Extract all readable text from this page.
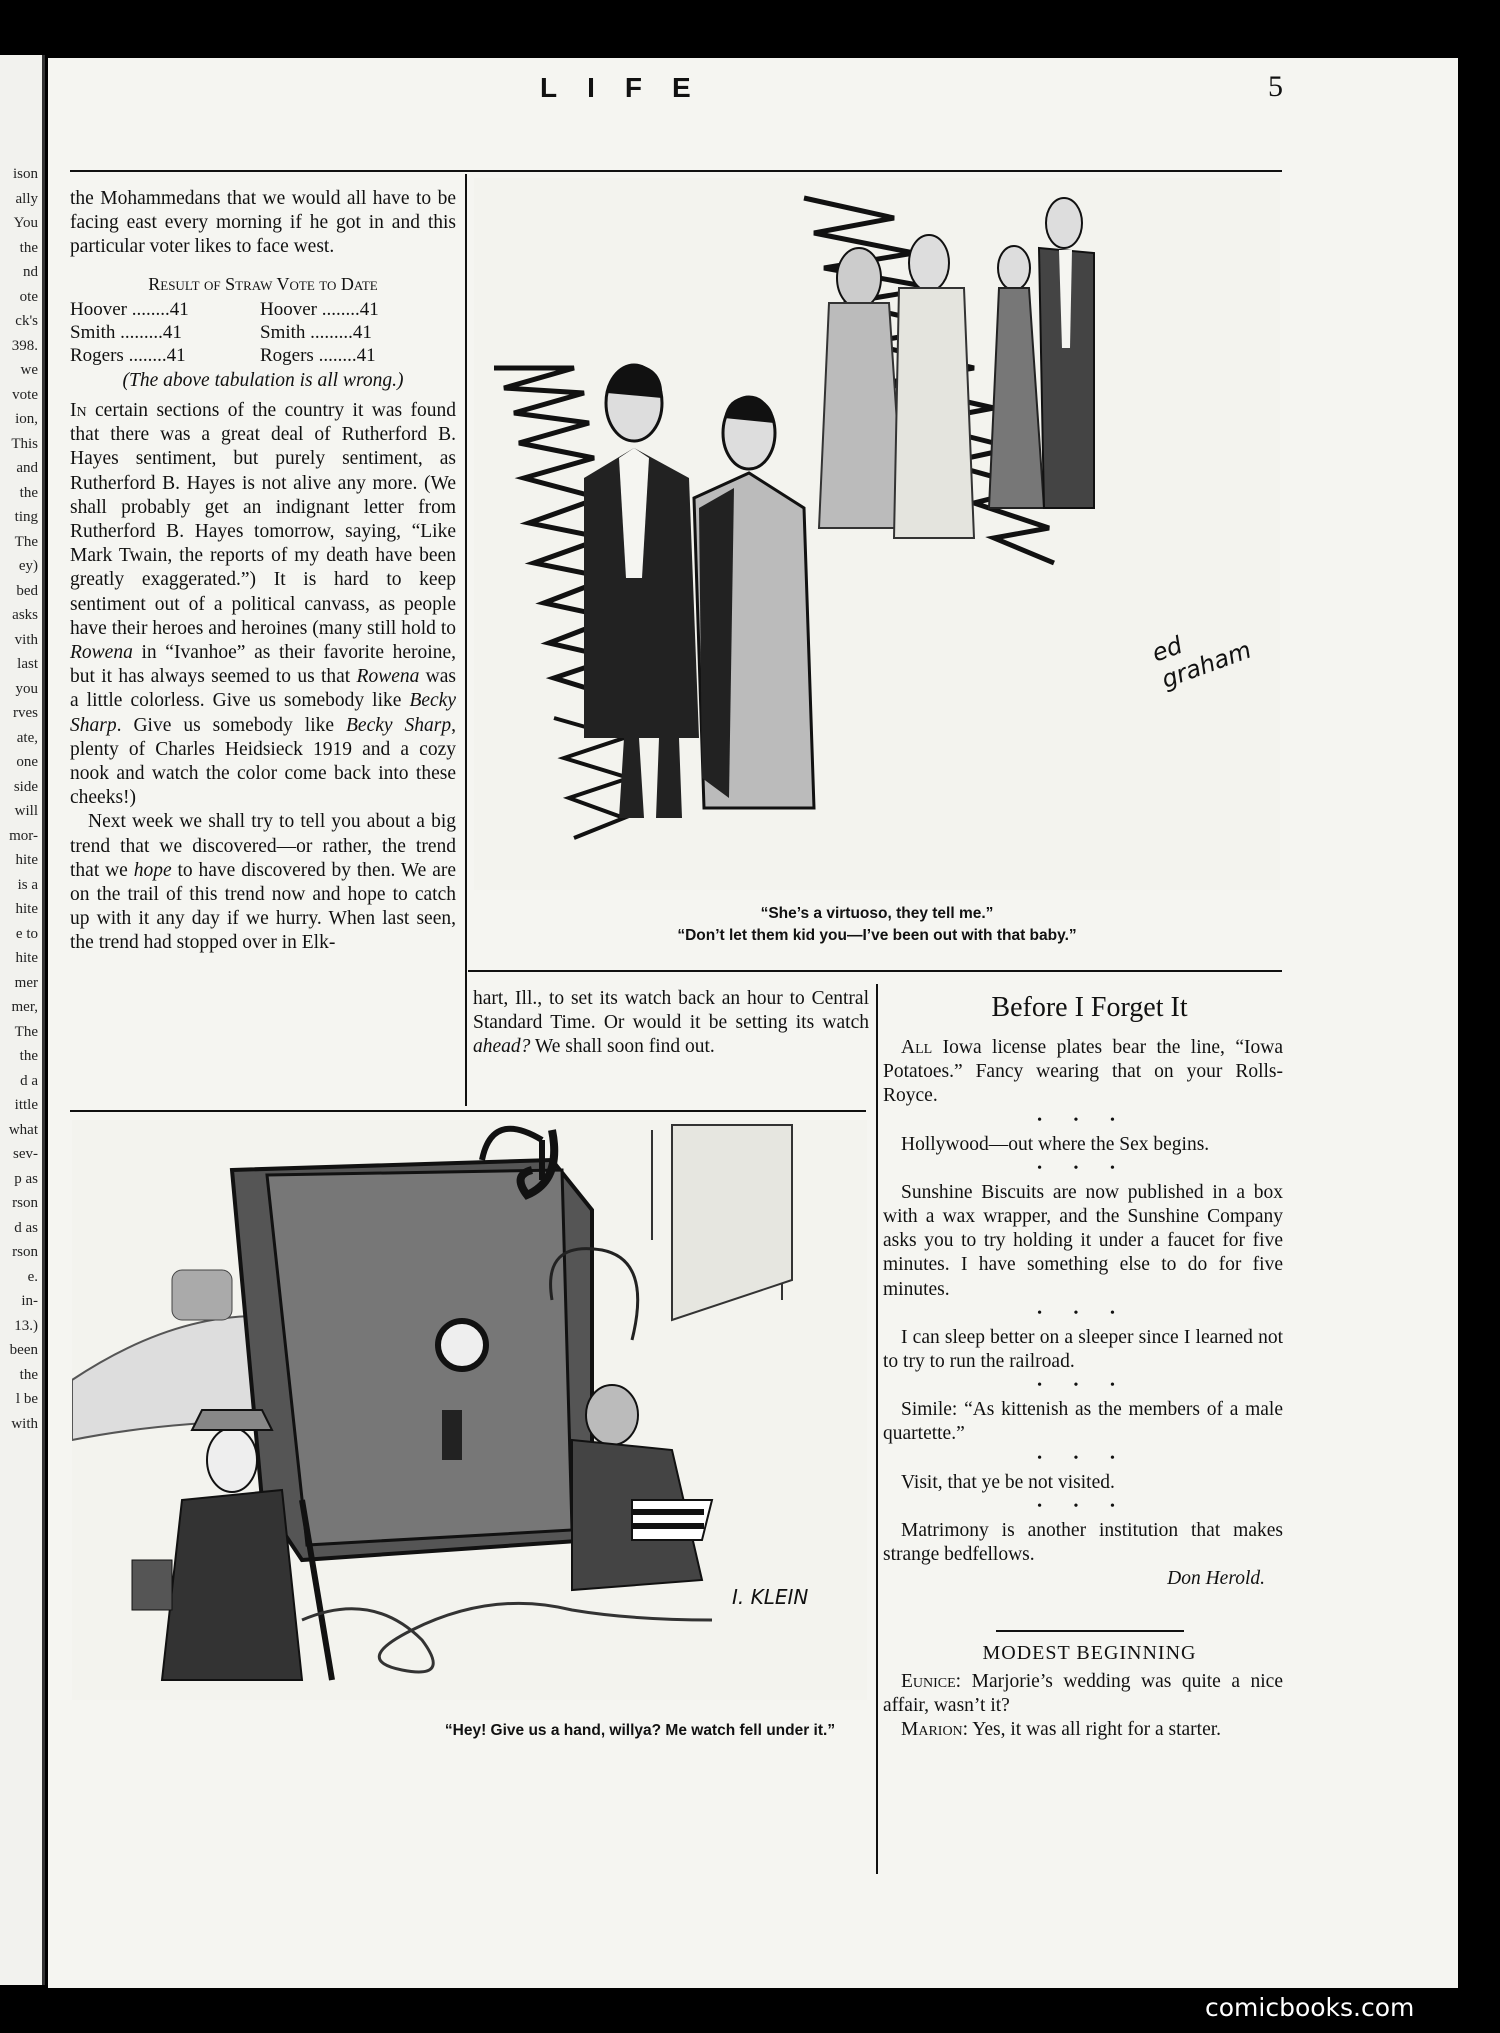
ison
ally
You
the
nd
ote
ck's
398.
we
vote
ion,
This
and
the
ting
The
ey)
bed
asks
vith
last
you
rves
ate,
one
side
will
mor-
hite
is a
hite
e to
hite
mer
mer,
The
the
d a
ittle
what
sev-
p as
rson
d as
rson
e.
in-
13.)
been
the
l be
with
LIFE	5

the Mohammedans that we would all have to be facing east every morning if he got in and this particular voter likes to face west.

Result of Straw Vote to Date
Hoover ........41	Hoover ........41
Smith .........41	Smith .........41
Rogers ........41	Rogers ........41
(The above tabulation is all wrong.)

In certain sections of the country it was found that there was a great deal of Rutherford B. Hayes sentiment, but purely sentiment, as Rutherford B. Hayes is not alive any more. (We shall probably get an indignant letter from Rutherford B. Hayes tomorrow, saying, “Like Mark Twain, the reports of my death have been greatly exaggerated.”) It is hard to keep sentiment out of a political canvass, as people have their heroes and heroines (many still hold to Rowena in “Ivanhoe” as their favorite heroine, but it has always seemed to us that Rowena was a little colorless. Give us somebody like Becky Sharp. Give us somebody like Becky Sharp, plenty of Charles Heidsieck 1919 and a cozy nook and watch the color come back into these cheeks!)

Next week we shall try to tell you about a big trend that we discovered—or rather, the trend that we hope to have discovered by then. We are on the trail of this trend now and hope to catch up with it any day if we hurry. When last seen, the trend had stopped over in Elk-

hart, Ill., to set its watch back an hour to Central Standard Time. Or would it be setting its watch ahead? We shall soon find out.

ed graham
“She’s a virtuoso, they tell me.”
“Don’t let them kid you—I’ve been out with that baby.”
I. KLEIN
“Hey! Give us a hand, willya? Me watch fell under it.”
Before I Forget It

All Iowa license plates bear the line, “Iowa Potatoes.” Fancy wearing that on your Rolls-Royce.

• • •

Hollywood—out where the Sex begins.

• • •

Sunshine Biscuits are now published in a box with a wax wrapper, and the Sunshine Company asks you to try holding it under a faucet for five minutes. I have something else to do for five minutes.

• • •

I can sleep better on a sleeper since I learned not to try to run the railroad.

• • •

Simile: “As kittenish as the members of a male quartette.”

• • •

Visit, that ye be not visited.

• • •

Matrimony is another institution that makes strange bedfellows.

Don Herold.
MODEST BEGINNING

Eunice: Marjorie’s wedding was quite a nice affair, wasn’t it?

Marion: Yes, it was all right for a starter.

comicbooks.com
